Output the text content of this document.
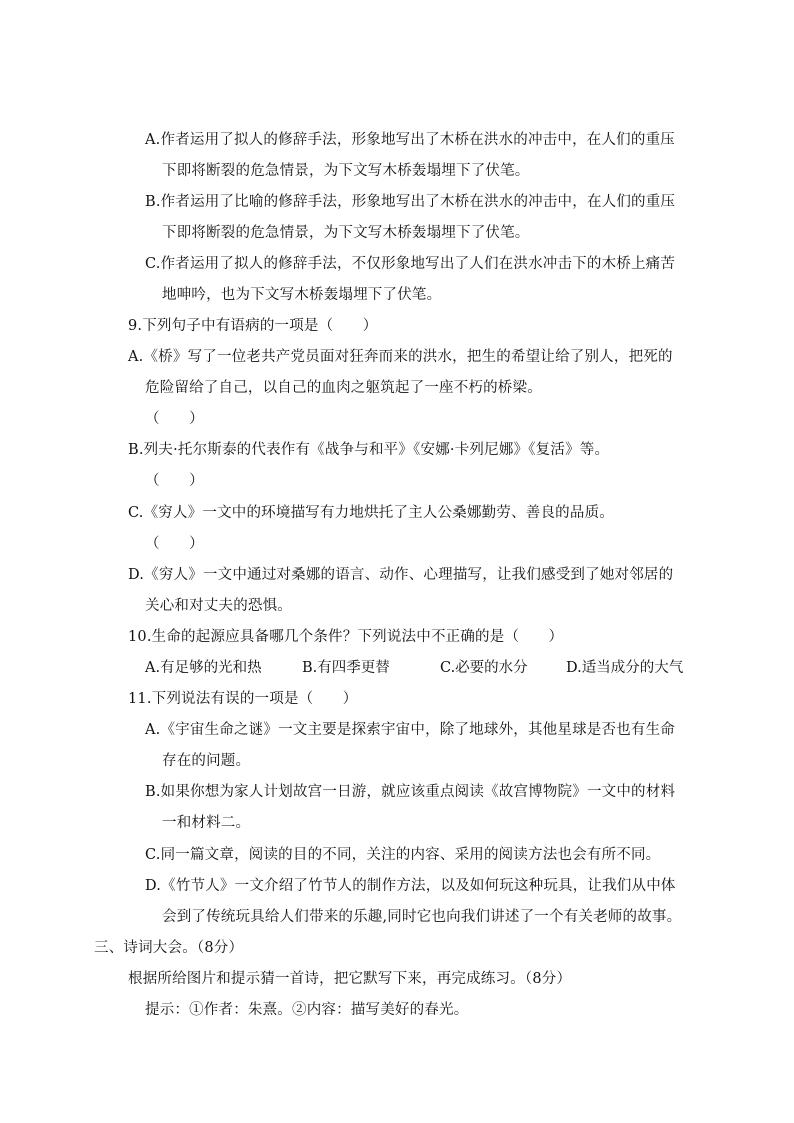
A.作者运用了拟人的修辞手法，形象地写出了木桥在洪水的冲击中，在人们的重压
下即将断裂的危急情景，为下文写木桥轰塌埋下了伏笔。
B.作者运用了比喻的修辞手法，形象地写出了木桥在洪水的冲击中，在人们的重压
下即将断裂的危急情景，为下文写木桥轰塌埋下了伏笔。
C.作者运用了拟人的修辞手法，不仅形象地写出了人们在洪水冲击下的木桥上痛苦
地呻吟，也为下文写木桥轰塌埋下了伏笔。
9.下列句子中有语病的一项是（　　）
A.《桥》写了一位老共产党员面对狂奔而来的洪水，把生的希望让给了别人，把死的
危险留给了自己，以自己的血肉之躯筑起了一座不朽的桥梁。
（　　）
B.列夫·托尔斯泰的代表作有《战争与和平》《安娜·卡列尼娜》《复活》等。
（　　）
C.《穷人》一文中的环境描写有力地烘托了主人公桑娜勤劳、善良的品质。
（　　）
D.《穷人》一文中通过对桑娜的语言、动作、心理描写，让我们感受到了她对邻居的
关心和对丈夫的恐惧。
10.生命的起源应具备哪几个条件？下列说法中不正确的是（　　）
A.有足够的光和热	B.有四季更替	C.必要的水分	D.适当成分的大气
11.下列说法有误的一项是（　　）
A.《宇宙生命之谜》一文主要是探索宇宙中，除了地球外，其他星球是否也有生命
存在的问题。
B.如果你想为家人计划故宫一日游，就应该重点阅读《故宫博物院》一文中的材料
一和材料二。
C.同一篇文章，阅读的目的不同，关注的内容、采用的阅读方法也会有所不同。
D.《竹节人》一文介绍了竹节人的制作方法，以及如何玩这种玩具，让我们从中体
会到了传统玩具给人们带来的乐趣,同时它也向我们讲述了一个有关老师的故事。
三、诗词大会。（8分）
根据所给图片和提示猜一首诗，把它默写下来，再完成练习。（8分）
提示：①作者：朱熹。②内容：描写美好的春光。
